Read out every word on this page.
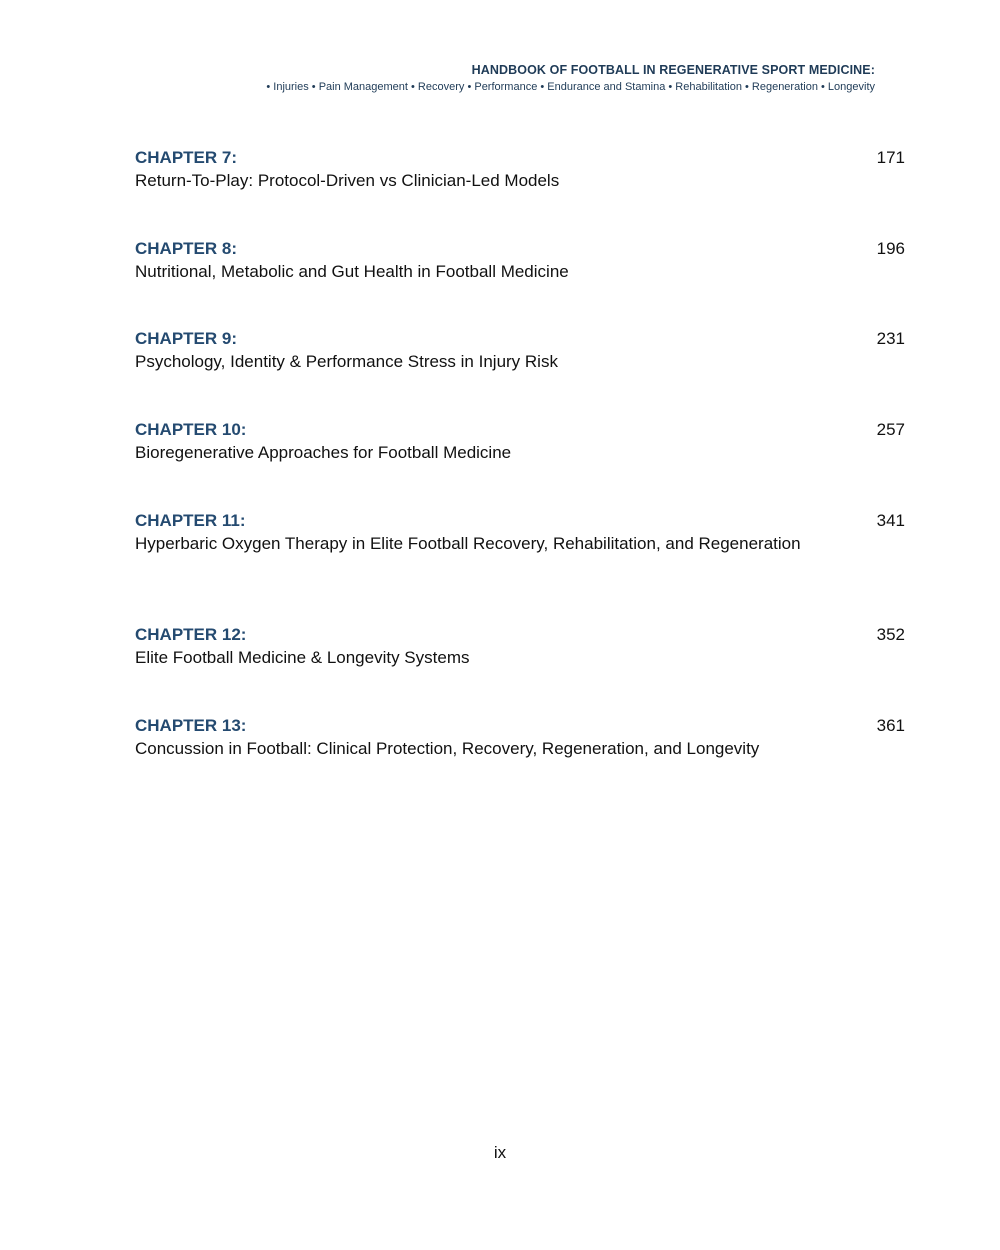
HANDBOOK OF FOOTBALL IN REGENERATIVE SPORT MEDICINE:
• Injuries • Pain Management • Recovery • Performance • Endurance and Stamina • Rehabilitation • Regeneration • Longevity
CHAPTER 7:	171
Return-To-Play: Protocol-Driven vs Clinician-Led Models
CHAPTER 8:	196
Nutritional, Metabolic and Gut Health in Football Medicine
CHAPTER 9:	231
Psychology, Identity & Performance Stress in Injury Risk
CHAPTER 10:	257
Bioregenerative Approaches for Football Medicine
CHAPTER 11:	341
Hyperbaric Oxygen Therapy in Elite Football Recovery, Rehabilitation, and Regeneration
CHAPTER 12:	352
Elite Football Medicine & Longevity Systems
CHAPTER 13:	361
Concussion in Football: Clinical Protection, Recovery, Regeneration, and Longevity
ix
